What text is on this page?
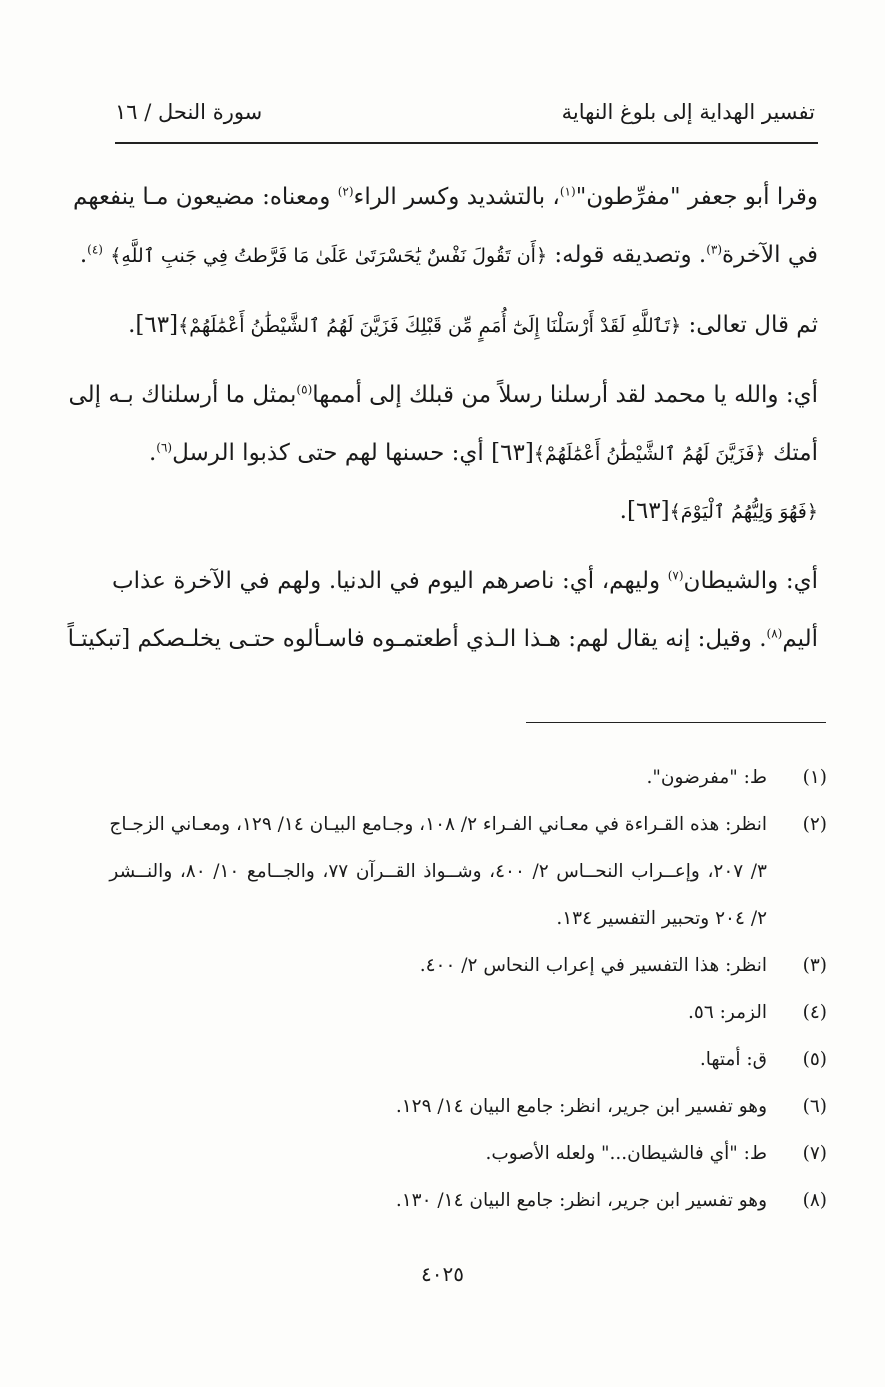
تفسير الهداية إلى بلوغ النهاية
سورة النحل / ١٦
وقرا أبو جعفر "مفرِّطون"$^{(١)}$، بالتشديد وكسر الراء$^{(٢)}$ ومعناه: مضيعون مـا ينفعهم
في الآخرة$^{(٣)}$. وتصديقه قوله: ﴿أَن تَقُولَ نَفْسٌ يَٰحَسْرَتَىٰ عَلَىٰ مَا فَرَّطتُ فِي جَنبِ ٱللَّهِ﴾ $^{(٤)}$.
ثم قال تعالى: ﴿تَٱللَّهِ لَقَدْ أَرْسَلْنَا إِلَىٰٓ أُمَمٍ مِّن قَبْلِكَ فَزَيَّنَ لَهُمُ ٱلشَّيْطَٰنُ أَعْمَٰلَهُمْ﴾[٦٣].
أي: والله يا محمد لقد أرسلنا رسلاً من قبلك إلى أممها$^{(٥)}$بمثل ما أرسلناك بـه إلى
أمتك ﴿فَزَيَّنَ لَهُمُ ٱلشَّيْطَٰنُ أَعْمَٰلَهُمْ﴾[٦٣] أي: حسنها لهم حتى كذبوا الرسل$^{(٦)}$.
﴿فَهُوَ وَلِيُّهُمُ ٱلْيَوْمَ﴾[٦٣].
أي: والشيطان$^{(٧)}$ وليهم، أي: ناصرهم اليوم في الدنيا. ولهم في الآخرة عذاب
أليم$^{(٨)}$. وقيل: إنه يقال لهم: هـذا الـذي أطعتمـوه فاسـألوه حتـى يخلـصكم [تبكيتـاً
(١)
ط: "مفرضون".
(٢)
انظر: هذه القـراءة في معـاني الفـراء ٢/ ١٠٨، وجـامع البيـان ١٤/ ١٢٩، ومعـاني الزجـاج
٣/ ٢٠٧، وإعــراب النحــاس ٢/ ٤٠٠، وشــواذ القــرآن ٧٧، والجــامع ١٠/ ٨٠، والنــشر
٢/ ٢٠٤ وتحبير التفسير ١٣٤.
(٣)
انظر: هذا التفسير في إعراب النحاس ٢/ ٤٠٠.
(٤)
الزمر: ٥٦.
(٥)
ق: أمتها.
(٦)
وهو تفسير ابن جرير، انظر: جامع البيان ١٤/ ١٢٩.
(٧)
ط: "أي فالشيطان..." ولعله الأصوب.
(٨)
وهو تفسير ابن جرير، انظر: جامع البيان ١٤/ ١٣٠.
٤٠٢٥
